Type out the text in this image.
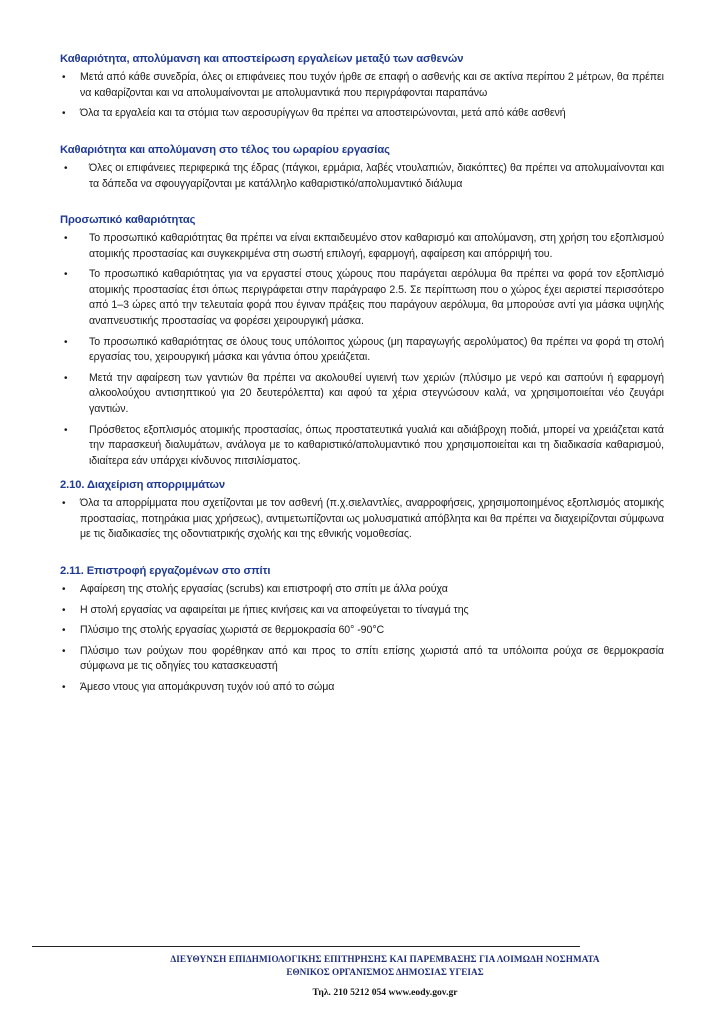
Καθαριότητα, απολύμανση και αποστείρωση εργαλείων μεταξύ των ασθενών
• Μετά από κάθε συνεδρία, όλες οι επιφάνειες που τυχόν ήρθε σε επαφή ο ασθενής και σε ακτίνα περίπου 2 μέτρων, θα πρέπει να καθαρίζονται και να απολυμαίνονται με απολυμαντικά που περιγράφονται παραπάνω
• Όλα τα εργαλεία και τα στόμια των αεροσυρίγγων θα πρέπει να αποστειρώνονται, μετά από κάθε ασθενή
Καθαριότητα και απολύμανση στο τέλος του ωραρίου εργασίας
• Όλες οι επιφάνειες περιφερικά της έδρας (πάγκοι, ερμάρια, λαβές ντουλαπιών, διακόπτες) θα πρέπει να απολυμαίνονται και τα δάπεδα να σφουγγαρίζονται με κατάλληλο καθαριστικό/απολυμαντικό διάλυμα
Προσωπικό καθαριότητας
• Το προσωπικό καθαριότητας θα πρέπει να είναι εκπαιδευμένο στον καθαρισμό και απολύμανση, στη χρήση του εξοπλισμού ατομικής προστασίας και συγκεκριμένα στη σωστή επιλογή, εφαρμογή, αφαίρεση και απόρριψή του.
• Το προσωπικό καθαριότητας για να εργαστεί στους χώρους που παράγεται αερόλυμα θα πρέπει να φορά τον εξοπλισμό ατομικής προστασίας έτσι όπως περιγράφεται στην παράγραφο 2.5. Σε περίπτωση που ο χώρος έχει αεριστεί περισσότερο από 1–3 ώρες από την τελευταία φορά που έγιναν πράξεις που παράγουν αερόλυμα, θα μπορούσε αντί για μάσκα υψηλής αναπνευστικής προστασίας να φορέσει χειρουργική μάσκα.
• Το προσωπικό καθαριότητας σε όλους τους υπόλοιπος χώρους (μη παραγωγής αερολύματος) θα πρέπει να φορά τη στολή εργασίας του, χειρουργική μάσκα και γάντια όπου χρειάζεται.
• Μετά την αφαίρεση των γαντιών θα πρέπει να ακολουθεί υγιεινή των χεριών (πλύσιμο με νερό και σαπούνι ή εφαρμογή αλκοολούχου αντισηπτικού για 20 δευτερόλεπτα) και αφού τα χέρια στεγνώσουν καλά, να χρησιμοποιείται νέο ζευγάρι γαντιών.
• Πρόσθετος εξοπλισμός ατομικής προστασίας, όπως προστατευτικά γυαλιά και αδιάβροχη ποδιά, μπορεί να χρειάζεται κατά την παρασκευή διαλυμάτων, ανάλογα με το καθαριστικό/απολυμαντικό που χρησιμοποιείται και τη διαδικασία καθαρισμού, ιδιαίτερα εάν υπάρχει κίνδυνος πιτσιλίσματος.
2.10. Διαχείριση απορριμμάτων
• Όλα τα απορρίμματα που σχετίζονται με τον ασθενή (π.χ.σιελαντλίες, αναρροφήσεις, χρησιμοποιημένος εξοπλισμός ατομικής προστασίας, ποτηράκια μιας χρήσεως), αντιμετωπίζονται ως μολυσματικά απόβλητα και θα πρέπει να διαχειρίζονται σύμφωνα με τις διαδικασίες της οδοντιατρικής σχολής και της εθνικής νομοθεσίας.
2.11. Επιστροφή εργαζομένων στο σπίτι
• Αφαίρεση της στολής εργασίας (scrubs) και επιστροφή στο σπίτι με άλλα ρούχα
• Η στολή εργασίας να αφαιρείται με ήπιες κινήσεις και να αποφεύγεται το τίναγμά της
• Πλύσιμο της στολής εργασίας χωριστά σε θερμοκρασία 60° -90°C
• Πλύσιμο των ρούχων που φορέθηκαν από και προς το σπίτι επίσης χωριστά από τα υπόλοιπα ρούχα σε θερμοκρασία σύμφωνα με τις οδηγίες του κατασκευαστή
• Άμεσο ντους για απομάκρυνση τυχόν ιού από το σώμα
ΔΙΕΥΘΥΝΣΗ ΕΠΙΔΗΜΙΟΛΟΓΙΚΗΣ ΕΠΙΤΗΡΗΣΗΣ ΚΑΙ ΠΑΡΕΜΒΑΣΗΣ ΓΙΑ ΛΟΙΜΩΔΗ ΝΟΣΗΜΑΤΑ
ΕΘΝΙΚΟΣ ΟΡΓΑΝΙΣΜΟΣ ΔΗΜΟΣΙΑΣ ΥΓΕΙΑΣ
Τηλ. 210 5212 054 www.eody.gov.gr
